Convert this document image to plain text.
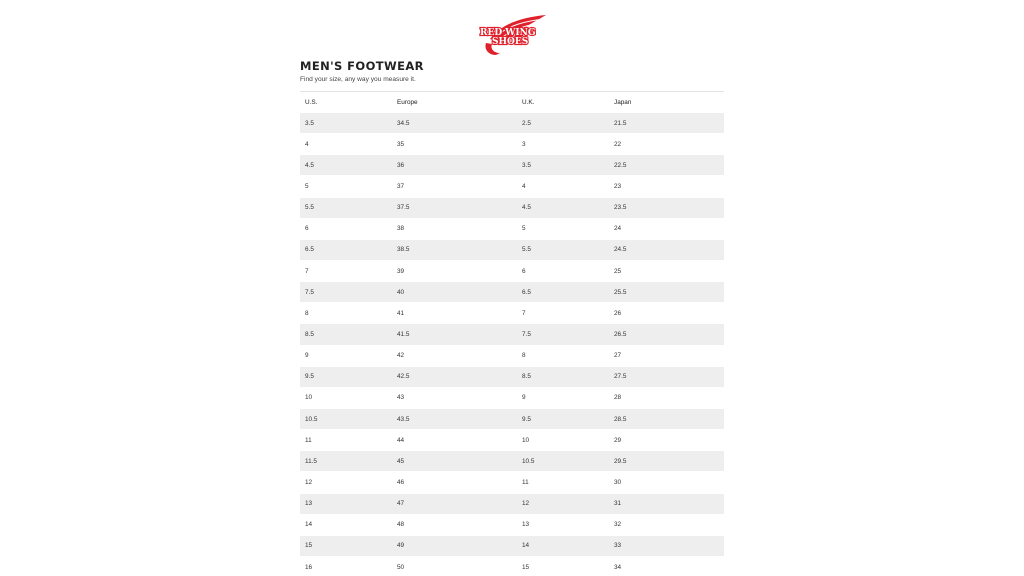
RED WING
SHOES
MEN'S FOOTWEAR

Find your size, any way you measure it.

U.S.	Europe	U.K.	Japan
3.5	34.5	2.5	21.5
4	35	3	22
4.5	36	3.5	22.5
5	37	4	23
5.5	37.5	4.5	23.5
6	38	5	24
6.5	38.5	5.5	24.5
7	39	6	25
7.5	40	6.5	25.5
8	41	7	26
8.5	41.5	7.5	26.5
9	42	8	27
9.5	42.5	8.5	27.5
10	43	9	28
10.5	43.5	9.5	28.5
11	44	10	29
11.5	45	10.5	29.5
12	46	11	30
13	47	12	31
14	48	13	32
15	49	14	33
16	50	15	34
